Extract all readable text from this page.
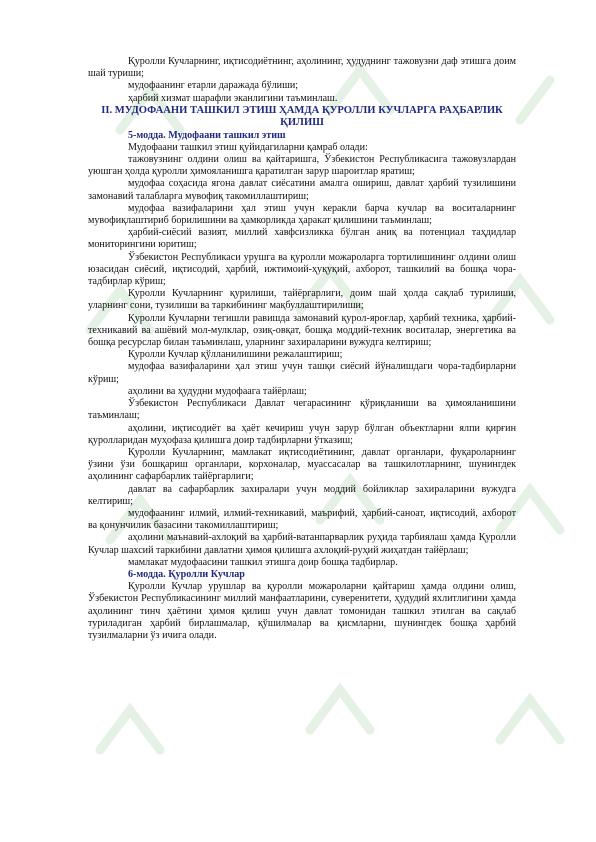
Қуролли Кучларнинг, иқтисодиётнинг, аҳолининг, ҳудуднинг тажовузни даф этишга доим шай туриши;

мудофаанинг етарли даражада бўлиши;

ҳарбий хизмат шарафли эканлигини таъминлаш.

II. МУДОФААНИ ТАШКИЛ ЭТИШ ҲАМДА ҚУРОЛЛИ КУЧЛАРГА РАҲБАРЛИК ҚИЛИШ

5-модда. Мудофаани ташкил этиш

Мудофаани ташкил этиш қуйидагиларни қамраб олади:

тажовузнинг олдини олиш ва қайтаришга, Ўзбекистон Республикасига тажовузлардан уюшган ҳолда қуролли ҳимояланишга қаратилган зарур шароитлар яратиш;

мудофаа соҳасида ягона давлат сиёсатини амалга ошириш, давлат ҳарбий тузилишини замонавий талабларга мувофиқ такомиллаштириш;

мудофаа вазифаларини ҳал этиш учун керакли барча кучлар ва воситаларнинг мувофиқлаштириб борилишини ва ҳамкорликда ҳаракат қилишини таъминлаш;

ҳарбий-сиёсий вазият, миллий хавфсизликка бўлган аниқ ва потенциал таҳдидлар мониторингини юритиш;

Ўзбекистон Республикаси урушга ва қуролли можароларга тортилишининг олдини олиш юзасидан сиёсий, иқтисодий, ҳарбий, ижтимоий-ҳуқуқий, ахборот, ташкилий ва бошқа чора-тадбирлар кўриш;

Қуролли Кучларнинг қурилиши, тайёргарлиги, доим шай ҳолда сақлаб турилиши, уларнинг сони, тузилиши ва таркибининг мақбуллаштирилиши;

Қуролли Кучларни тегишли равишда замонавий қурол-яроғлар, ҳарбий техника, ҳарбий-техникавий ва ашёвий мол-мулклар, озиқ-овқат, бошқа моддий-техник воситалар, энергетика ва бошқа ресурслар билан таъминлаш, уларнинг захираларини вужудга келтириш;

Қуролли Кучлар қўлланилишини режалаштириш;

мудофаа вазифаларини ҳал этиш учун ташқи сиёсий йўналишдаги чора-тадбирларни кўриш;

аҳолини ва ҳудудни мудофаага тайёрлаш;

Ўзбекистон Республикаси Давлат чегарасининг қўриқланиши ва ҳимояланишини таъминлаш;

аҳолини, иқтисодиёт ва ҳаёт кечириш учун зарур бўлган объектларни ялпи қирғин қуролларидан муҳофаза қилишга доир тадбирларни ўтказиш;

Қуролли Кучларнинг, мамлакат иқтисодиётининг, давлат органлари, фуқароларнинг ўзини ўзи бошқариш органлари, корхоналар, муассасалар ва ташкилотларнинг, шунингдек аҳолининг сафарбарлик тайёргарлиги;

давлат ва сафарбарлик захиралари учун моддий бойликлар захираларини вужудга келтириш;

мудофаанинг илмий, илмий-техникавий, маърифий, ҳарбий-саноат, иқтисодий, ахборот ва қонунчилик базасини такомиллаштириш;

аҳолини маънавий-ахлоқий ва ҳарбий-ватанпарварлик руҳида тарбиялаш ҳамда Қуролли Кучлар шахсий таркибини давлатни ҳимоя қилишга ахлоқий-руҳий жиҳатдан тайёрлаш;

мамлакат мудофаасини ташкил этишга доир бошқа тадбирлар.

6-модда. Қуролли Кучлар

Қуролли Кучлар урушлар ва қуролли можароларни қайтариш ҳамда олдини олиш, Ўзбекистон Республикасининг миллий манфаатларини, суверенитети, ҳудудий яхлитлигини ҳамда аҳолининг тинч ҳаётини ҳимоя қилиш учун давлат томонидан ташкил этилган ва сақлаб туриладиган ҳарбий бирлашмалар, қўшилмалар ва қисмларни, шунингдек бошқа ҳарбий тузилмаларни ўз ичига олади.
